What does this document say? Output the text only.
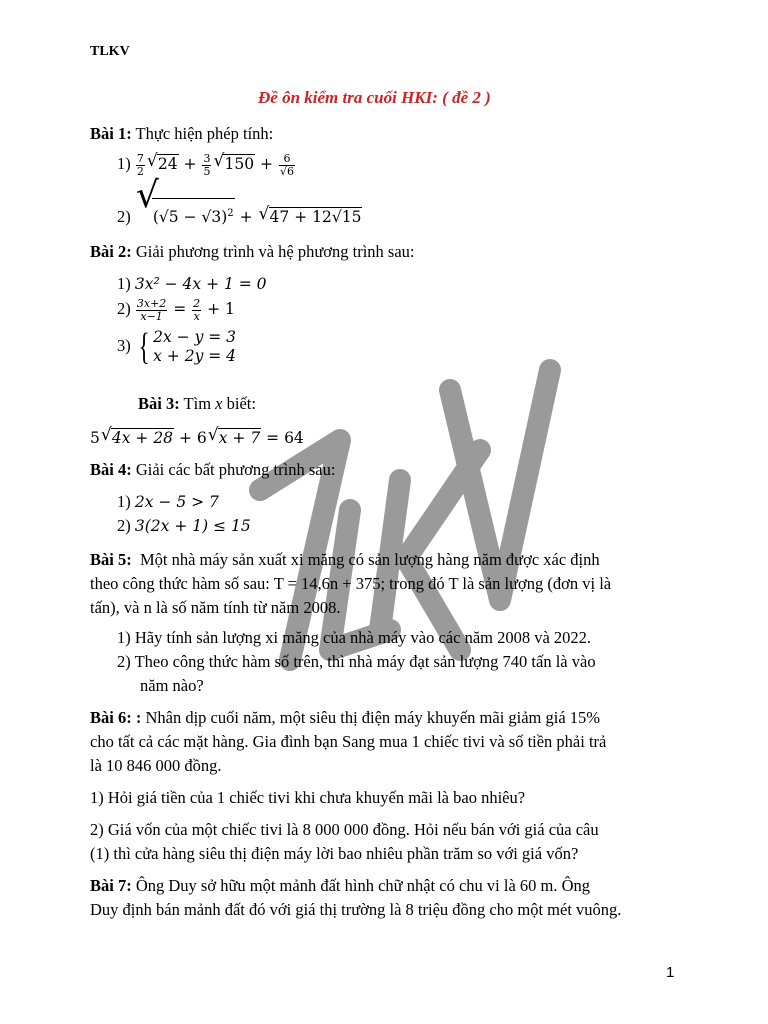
TLKV
Đề ôn kiểm tra cuối HKI: ( đề 2 )
Bài 1: Thực hiện phép tính:
$1) \frac{7}{2}$ √ $24 + \frac{3}{5}$ √ $150 + \frac{6}{√6}$
2) √ $(√5 - √3)^2$ + √ 47 + 12√15
Bài 2: Giải phương trình và hệ phương trình sau:
1) 3x² − 4x + 1 = 0
$2) \frac{3x+2}{x-1} = \frac{2}{x} + 1$
3) { 2x − y = 3
x + 2y = 4
Bài 3: Tìm x biết:
5 √ 4x + 28 + 6 √ x + 7 = 64
Bài 4: Giải các bất phương trình sau:
1) 2x − 5 > 7
2) 3(2x + 1) ≤ 15
Bài 5: Một nhà máy sản xuất xi măng có sản lượng hàng năm được xác định
theo công thức hàm số sau: T = 14,6n + 375; trong đó T là sản lượng (đơn vị là
tấn), và n là số năm tính từ năm 2008.
1) Hãy tính sản lượng xi măng của nhà máy vào các năm 2008 và 2022.
2) Theo công thức hàm số trên, thì nhà máy đạt sản lượng 740 tấn là vào
năm nào?
Bài 6: : Nhân dịp cuối năm, một siêu thị điện máy khuyến mãi giảm giá 15%
cho tất cả các mặt hàng. Gia đình bạn Sang mua 1 chiếc tivi và số tiền phải trả
là 10 846 000 đồng.
1) Hỏi giá tiền của 1 chiếc tivi khi chưa khuyến mãi là bao nhiêu?
2) Giá vốn của một chiếc tivi là 8 000 000 đồng. Hỏi nếu bán với giá của câu
(1) thì cửa hàng siêu thị điện máy lời bao nhiêu phần trăm so với giá vốn?
Bài 7: Ông Duy sở hữu một mảnh đất hình chữ nhật có chu vi là 60 m. Ông
Duy định bán mảnh đất đó với giá thị trường là 8 triệu đồng cho một mét vuông.
1
